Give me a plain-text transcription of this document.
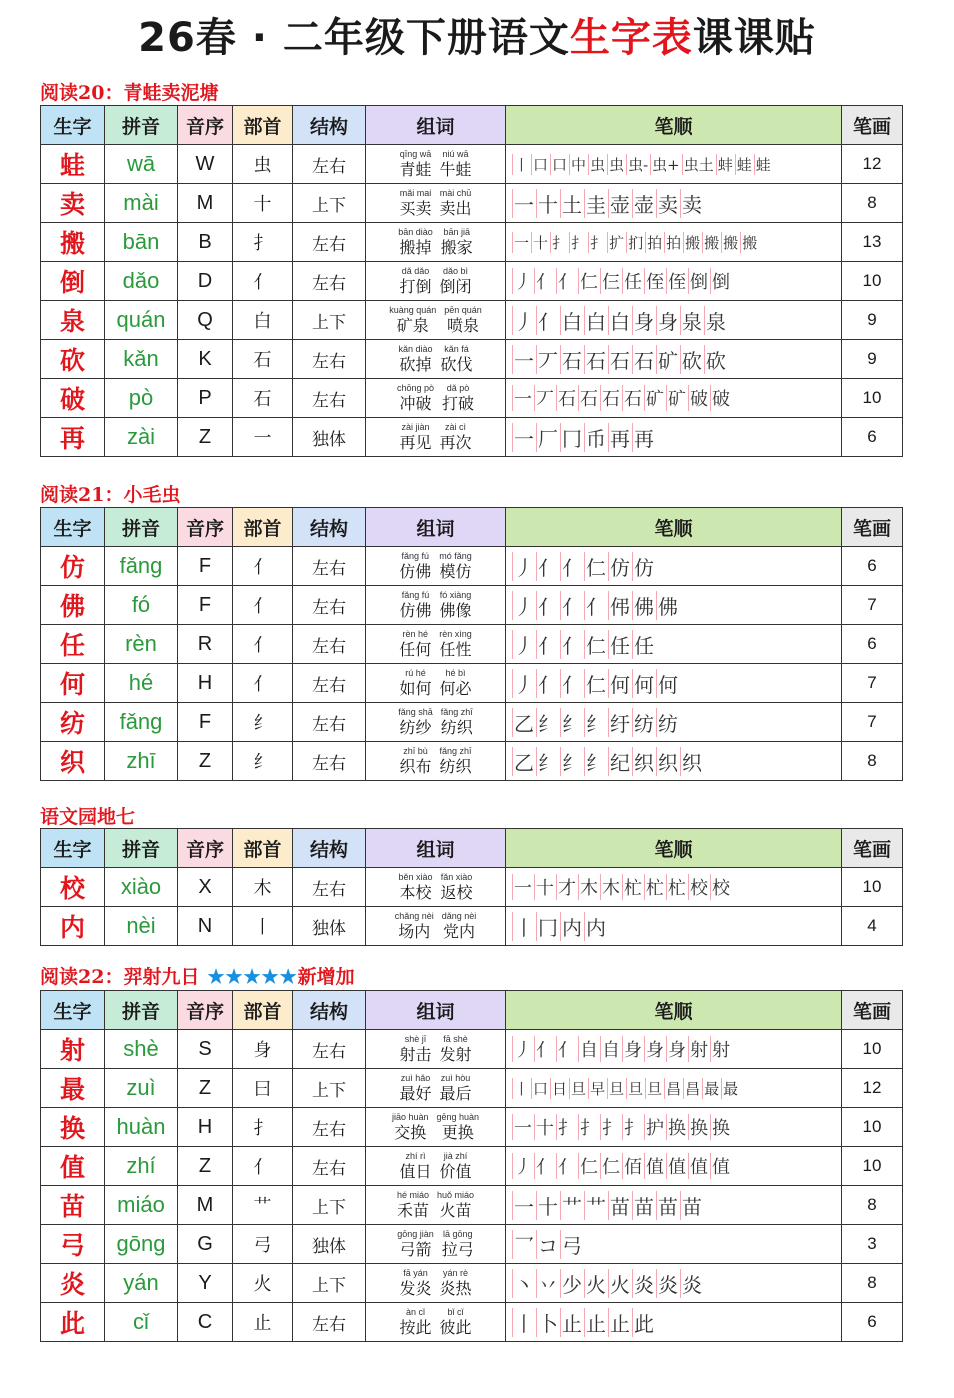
26春 · 二年级下册语文生字表课课贴
阅读20：青蛙卖泥塘
生字	拼音	音序	部首	结构	组词	笔顺	笔画
蛙	wā	W	虫	左右	qīng wā
青蛙
niú wā
牛蛙	丨 口 口 中 虫 虫 虫- 虫+ 虫土 蚌 蛙 蛙	12
卖	mài	M	十	上下	mǎi mai
买卖
mài chū
卖出	一 十 土 圭 壶 壶 卖 卖	8
搬	bān	B	扌	左右	bān diào
搬掉
bān jiā
搬家	一 十 扌 扌 扌 扩 扪 拍 拍 搬 搬 搬 搬	13
倒	dǎo	D	亻	左右	dǎ dǎo
打倒
dǎo bì
倒闭	丿 亻 亻 仁 仨 任 侄 侄 倒 倒	10
泉	quán	Q	白	上下	kuàng quán
矿泉
pēn quán
喷泉	丿 亻 白 白 白 身 身 泉 泉	9
砍	kǎn	K	石	左右	kǎn diào
砍掉
kǎn fá
砍伐	一 丆 石 石 石 石 矿 砍 砍	9
破	pò	P	石	左右	chōng pò
冲破
dǎ pò
打破	一 丆 石 石 石 石 矿 矿 破 破	10
再	zài	Z	一	独体	zài jiàn
再见
zài cì
再次	一 厂 冂 币 再 再	6
阅读21：小毛虫
生字	拼音	音序	部首	结构	组词	笔顺	笔画
仿	fǎng	F	亻	左右	fǎng fú
仿佛
mó fǎng
模仿	丿 亻 亻 仁 仿 仿	6
佛	fó	F	亻	左右	fǎng fú
仿佛
fó xiàng
佛像	丿 亻 亻 亻 伄 佛 佛	7
任	rèn	R	亻	左右	rèn hé
任何
rèn xìng
任性	丿 亻 亻 仁 任 任	6
何	hé	H	亻	左右	rú hé
如何
hé bì
何必	丿 亻 亻 仁 何 何 何	7
纺	fǎng	F	纟	左右	fǎng shā
纺纱
fǎng zhī
纺织	乙 纟 纟 纟 纡 纺 纺	7
织	zhī	Z	纟	左右	zhī bù
织布
fǎng zhī
纺织	乙 纟 纟 纟 纪 织 织 织	8
语文园地七
生字	拼音	音序	部首	结构	组词	笔顺	笔画
校	xiào	X	木	左右	běn xiào
本校
fǎn xiào
返校	一 十 才 木 木 杧 杧 杧 校 校	10
内	nèi	N	丨	独体	chǎng nèi
场内
dǎng nèi
党内	丨 冂 内 内	4
阅读22：羿射九日 ★★★★★新增加
生字	拼音	音序	部首	结构	组词	笔顺	笔画
射	shè	S	身	左右	shè jī
射击
fā shè
发射	丿 亻 亻 自 自 身 身 身 射 射	10
最	zuì	Z	曰	上下	zuì hǎo
最好
zuì hòu
最后	丨 口 日 旦 早 旦 旦 旦 昌 昌 最 最	12
换	huàn	H	扌	左右	jiāo huàn
交换
gēng huàn
更换	一 十 扌 扌 扌 扌 护 换 换 换	10
值	zhí	Z	亻	左右	zhí rì
值日
jià zhí
价值	丿 亻 亻 仁 仁 佰 值 值 值 值	10
苗	miáo	M	艹	上下	hé miáo
禾苗
huǒ miáo
火苗	一 十 艹 艹 苗 苗 苗 苗	8
弓	gōng	G	弓	独体	gōng jiàn
弓箭
lā gōng
拉弓	乛 コ 弓	3
炎	yán	Y	火	上下	fā yán
发炎
yán rè
炎热	丶 丷 少 火 火 炎 炎 炎	8
此	cǐ	C	止	左右	àn cǐ
按此
bǐ cǐ
彼此	丨 卜 止 止 止 此	6
